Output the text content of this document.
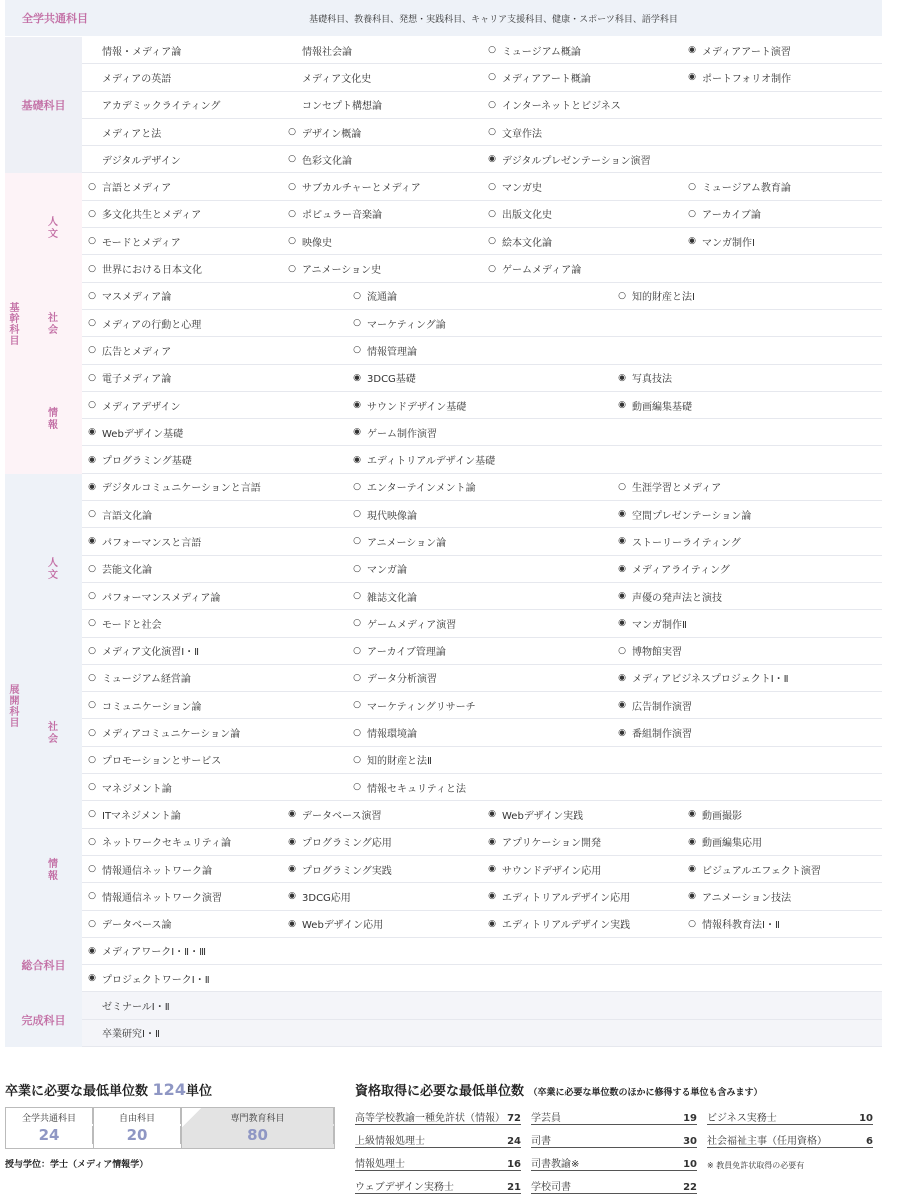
全学共通科目	基礎科目、教養科目、発想・実践科目、キャリア支援科目、健康・スポーツ科目、語学科目
基礎科目
情報・メディア論	情報社会論	○ ミュージアム概論	◉ メディアアート演習
メディアの英語	メディア文化史	○ メディアアート概論	◉ ポートフォリオ制作
アカデミックライティング	コンセプト構想論	○ インターネットとビジネス
メディアと法	○ デザイン概論	○ 文章作法
デジタルデザイン	○ 色彩文化論	◉ デジタルプレゼンテーション演習
基幹科目
人文
○ 言語とメディア	○ サブカルチャーとメディア	○ マンガ史	○ ミュージアム教育論
○ 多文化共生とメディア	○ ポピュラー音楽論	○ 出版文化史	○ アーカイブ論
○ モードとメディア	○ 映像史	○ 絵本文化論	◉ マンガ制作Ⅰ
○ 世界における日本文化	○ アニメーション史	○ ゲームメディア論
社会
○ マスメディア論	○ 流通論	○ 知的財産と法Ⅰ
○ メディアの行動と心理	○ マーケティング論
○ 広告とメディア	○ 情報管理論
情報
○ 電子メディア論	◉ 3DCG基礎	◉ 写真技法
○ メディアデザイン	◉ サウンドデザイン基礎	◉ 動画編集基礎
◉ Webデザイン基礎	◉ ゲーム制作演習
◉ プログラミング基礎	◉ エディトリアルデザイン基礎
展開科目
人文
◉ デジタルコミュニケーションと言語	○ エンターテインメント論	○ 生涯学習とメディア
○ 言語文化論	○ 現代映像論	◉ 空間プレゼンテーション論
◉ パフォーマンスと言語	○ アニメーション論	◉ ストーリーライティング
○ 芸能文化論	○ マンガ論	◉ メディアライティング
○ パフォーマンスメディア論	○ 雑誌文化論	◉ 声優の発声法と演技
○ モードと社会	○ ゲームメディア演習	◉ マンガ制作Ⅱ
○ メディア文化演習Ⅰ・Ⅱ	○ アーカイブ管理論	○ 博物館実習
社会
○ ミュージアム経営論	○ データ分析演習	◉ メディアビジネスプロジェクトⅠ・Ⅱ
○ コミュニケーション論	○ マーケティングリサーチ	◉ 広告制作演習
○ メディアコミュニケーション論	○ 情報環境論	◉ 番組制作演習
○ プロモーションとサービス	○ 知的財産と法Ⅱ
○ マネジメント論	○ 情報セキュリティと法
情報
○ ITマネジメント論	◉ データベース演習	◉ Webデザイン実践	◉ 動画撮影
○ ネットワークセキュリティ論	◉ プログラミング応用	◉ アプリケーション開発	◉ 動画編集応用
○ 情報通信ネットワーク論	◉ プログラミング実践	◉ サウンドデザイン応用	◉ ビジュアルエフェクト演習
○ 情報通信ネットワーク演習	◉ 3DCG応用	◉ エディトリアルデザイン応用	◉ アニメーション技法
○ データベース論	◉ Webデザイン応用	◉ エディトリアルデザイン実践	○ 情報科教育法Ⅰ・Ⅱ
総合科目
◉ メディアワークⅠ・Ⅱ・Ⅲ
◉ プロジェクトワークⅠ・Ⅱ
完成科目
ゼミナールⅠ・Ⅱ
卒業研究Ⅰ・Ⅱ
卒業に必要な最低単位数 124単位
全学共通科目
24
自由科目
20
専門教育科目
80
授与学位：学士（メディア情報学）
資格取得に必要な最低単位数 （卒業に必要な単位数のほかに修得する単位も含みます）
高等学校教諭一種免許状（情報） 72 学芸員	19 ビジネス実務士	10
上級情報処理士	24 司書	30 社会福祉主事（任用資格）	6
情報処理士	16 司書教諭※	10 ※ 教員免許状取得の必要有
ウェブデザイン実務士	21 学校司書	22
